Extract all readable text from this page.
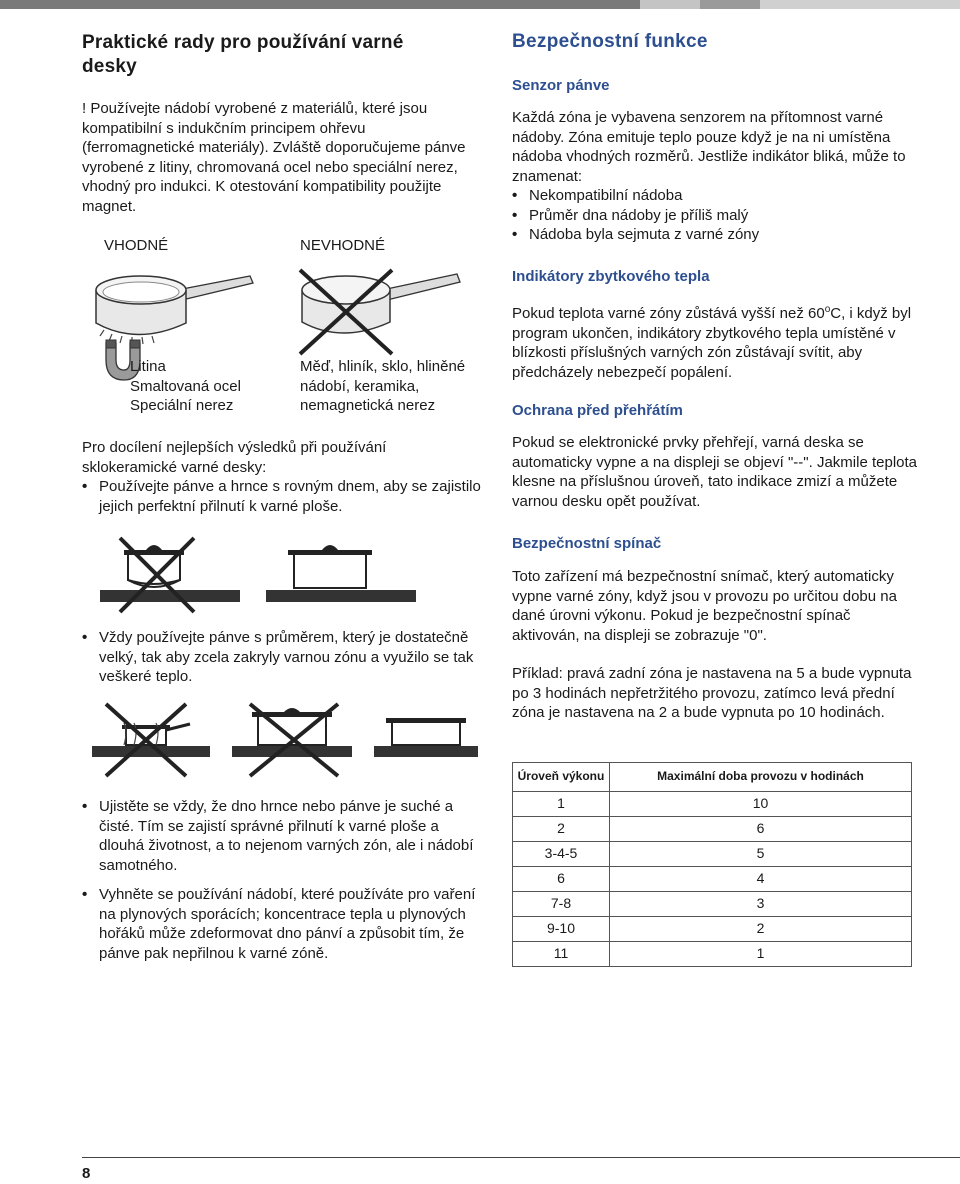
Praktické rady pro používání varné desky

! Používejte nádobí vyrobené z materiálů, které jsou kompatibilní s indukčním principem ohřevu (ferromagnetické materiály). Zvláště doporučujeme pánve vyrobené z litiny, chromovaná ocel nebo speciální nerez, vhodný pro indukci. K otestování kompatibility použijte magnet.

VHODNÉ	NEVHODNÉ
Litina
Smaltovaná ocel
Speciální nerez
Měď, hliník, sklo, hliněné nádobí, keramika, nemagnetická nerez

Pro docílení nejlepších výsledků při používání sklokeramické varné desky:

• Používejte pánve a hrnce s rovným dnem, aby se zajistilo jejich perfektní přilnutí k varné ploše.
• Vždy používejte pánve s průměrem, který je dostatečně velký, tak aby zcela zakryly varnou zónu a využilo se tak veškeré teplo.
• Ujistěte se vždy, že dno hrnce nebo pánve je suché a čisté. Tím se zajistí správné přilnutí k varné ploše a dlouhá životnost, a to nejenom varných zón, ale i nádobí samotného.
• Vyhněte se používání nádobí, které používáte pro vaření na plynových sporácích; koncentrace tepla u plynových hořáků může zdeformovat dno pánví a způsobit tím, že pánve pak nepřilnou k varné zóně.
Bezpečnostní funkce
Senzor pánve

Každá zóna je vybavena senzorem na přítomnost varné nádoby. Zóna emituje teplo pouze když je na ni umístěna nádoba vhodných rozměrů. Jestliže indikátor bliká, může to znamenat:

• Nekompatibilní nádoba
• Průměr dna nádoby je příliš malý
• Nádoba byla sejmuta z varné zóny
Indikátory zbytkového tepla

Pokud teplota varné zóny zůstává vyšší než 60$^o$C, i když byl program ukončen, indikátory zbytkového tepla umístěné v blízkosti příslušných varných zón zůstávají svítit, aby předcházely nebezpečí popálení.

Ochrana před přehřátím

Pokud se elektronické prvky přehřejí, varná deska se automaticky vypne a na displeji se objeví "--". Jakmile teplota klesne na příslušnou úroveň, tato indikace zmizí a můžete varnou desku opět používat.

Bezpečnostní spínač

Toto zařízení má bezpečnostní snímač, který automaticky vypne varné zóny, když jsou v provozu po určitou dobu na dané úrovni výkonu. Pokud je bezpečnostní spínač aktivován, na displeji se zobrazuje "0".

Příklad: pravá zadní zóna je nastavena na 5 a bude vypnuta po 3 hodinách nepřetržitého provozu, zatímco levá přední zóna je nastavena na 2 a bude vypnuta po 10 hodinách.

Úroveň výkonu	Maximální doba provozu v hodinách
1	10
2	6
3-4-5	5
6	4
7-8	3
9-10	2
11	1
8
